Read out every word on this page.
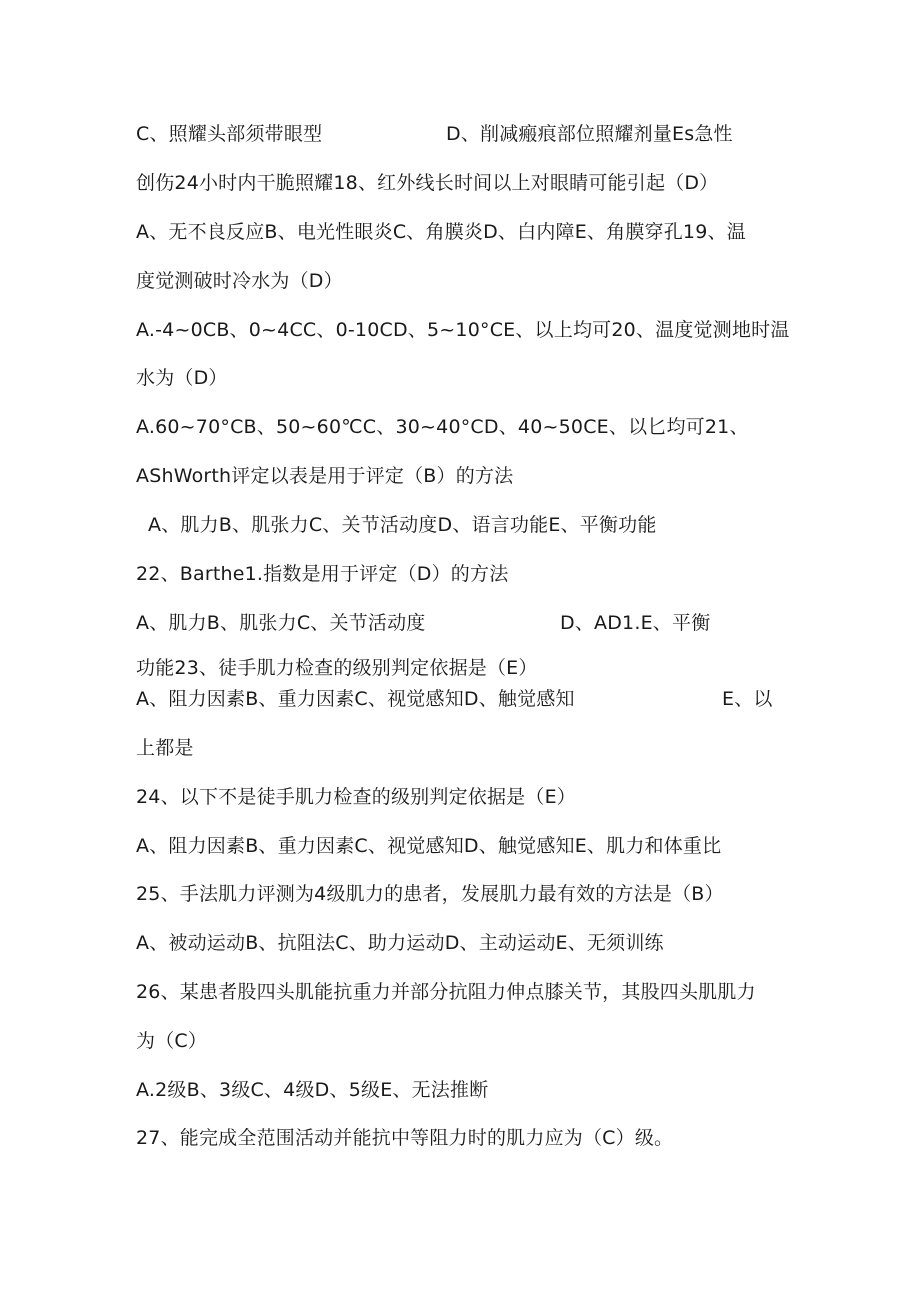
C、照耀头部须带眼型	D、削减瘢痕部位照耀剂量Es急性
创伤24小时内干脆照耀18、红外线长时间以上对眼睛可能引起（D）
A、无不良反应B、电光性眼炎C、角膜炎D、白内障E、角膜穿孔19、温
度觉测破时冷水为（D）
A.-4~0CB、0~4CC、0-10CD、5~10°CE、以上均可20、温度觉测地时温
水为（D）
A.60~70°CB、50~60℃C、30~40°CD、40~50CE、以匕均可21、
AShWorth评定以表是用于评定（B）的方法
A、肌力B、肌张力C、关节活动度D、语言功能E、平衡功能
22、Barthe1.指数是用于评定（D）的方法
A、肌力B、肌张力C、关节活动度	D、AD1.E、平衡
功能23、徒手肌力检查的级别判定依据是（E）
A、阻力因素B、重力因素C、视觉感知D、触觉感知	E、以
上都是
24、以下不是徒手肌力检查的级别判定依据是（E）
A、阻力因素B、重力因素C、视觉感知D、触觉感知E、肌力和体重比
25、手法肌力评测为4级肌力的患者，发展肌力最有效的方法是（B）
A、被动运动B、抗阻法C、助力运动D、主动运动E、无须训练
26、某患者股四头肌能抗重力并部分抗阻力伸点膝关节，其股四头肌肌力
为（C）
A.2级B、3级C、4级D、5级E、无法推断
27、能完成全范围活动并能抗中等阻力时的肌力应为（C）级。
